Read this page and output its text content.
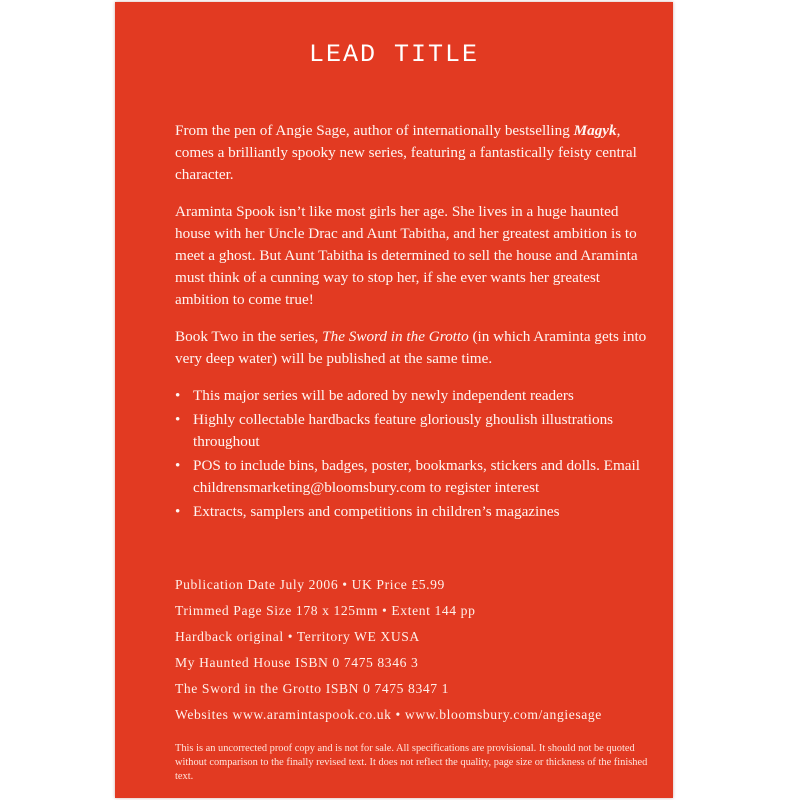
LEAD TITLE

From the pen of Angie Sage, author of internationally bestselling Magyk, comes a brilliantly spooky new series, featuring a fantastically feisty central character.

Araminta Spook isn’t like most girls her age. She lives in a huge haunted house with her Uncle Drac and Aunt Tabitha, and her greatest ambition is to meet a ghost. But Aunt Tabitha is determined to sell the house and Araminta must think of a cunning way to stop her, if she ever wants her greatest ambition to come true!

Book Two in the series, The Sword in the Grotto (in which Araminta gets into very deep water) will be published at the same time.

• This major series will be adored by newly independent readers
• Highly collectable hardbacks feature gloriously ghoulish illustrations throughout
• POS to include bins, badges, poster, bookmarks, stickers and dolls. Email childrensmarketing@bloomsbury.com to register interest
• Extracts, samplers and competitions in children’s magazines
Publication Date July 2006 • UK Price £5.99
Trimmed Page Size 178 x 125mm • Extent 144 pp
Hardback original • Territory WE XUSA
My Haunted House ISBN 0 7475 8346 3
The Sword in the Grotto ISBN 0 7475 8347 1
Websites www.aramintaspook.co.uk • www.bloomsbury.com/angiesage
This is an uncorrected proof copy and is not for sale. All specifications are provisional. It should not be quoted without comparison to the finally revised text. It does not reflect the quality, page size or thickness of the finished text.
